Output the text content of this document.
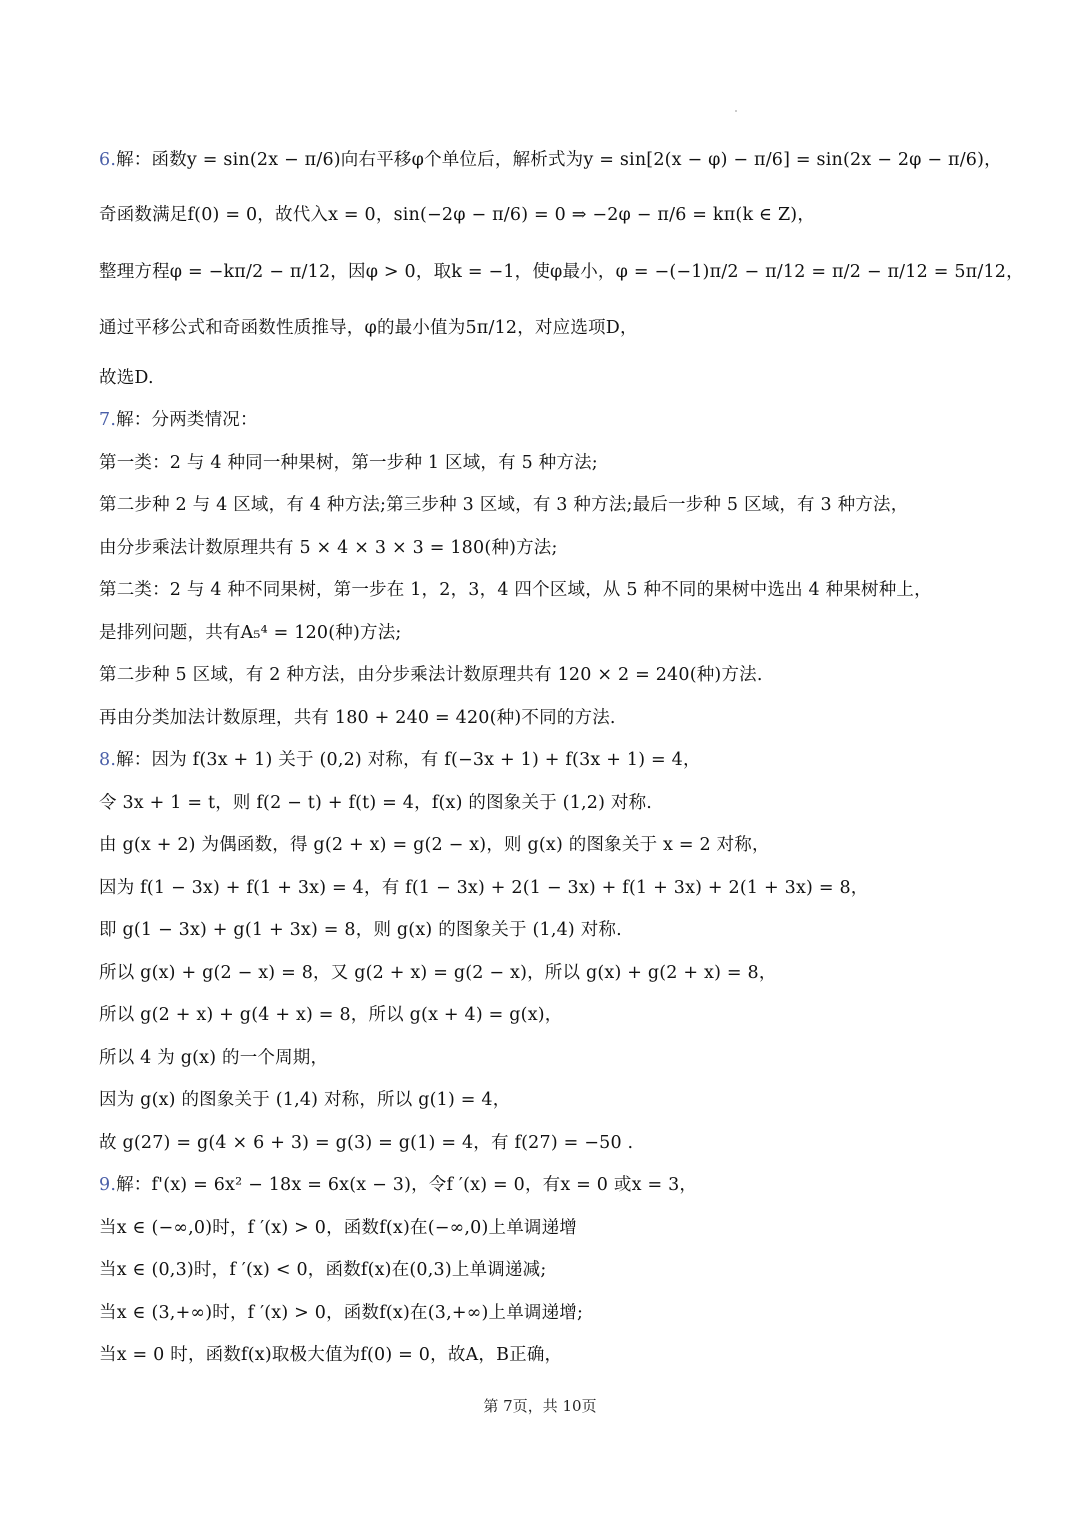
6.解：函数y = sin(2x − π/6)向右平移φ个单位后，解析式为y = sin[2(x − φ) − π/6] = sin(2x − 2φ − π/6)，
奇函数满足f(0) = 0，故代入x = 0，sin(−2φ − π/6) = 0 ⇒ −2φ − π/6 = kπ(k ∈ Z)，
整理方程φ = −kπ/2 − π/12，因φ > 0，取k = −1，使φ最小，φ = −(−1)π/2 − π/12 = π/2 − π/12 = 5π/12，
通过平移公式和奇函数性质推导，φ的最小值为5π/12，对应选项D，
故选D.
7.解：分两类情况：
第一类：2 与 4 种同一种果树，第一步种 1 区域，有 5 种方法;
第二步种 2 与 4 区域，有 4 种方法;第三步种 3 区域，有 3 种方法;最后一步种 5 区域，有 3 种方法，
由分步乘法计数原理共有 5 × 4 × 3 × 3 = 180(种)方法;
第二类：2 与 4 种不同果树，第一步在 1，2，3，4 四个区域，从 5 种不同的果树中选出 4 种果树种上，
是排列问题，共有A₅⁴ = 120(种)方法;
第二步种 5 区域，有 2 种方法，由分步乘法计数原理共有 120 × 2 = 240(种)方法.
再由分类加法计数原理，共有 180 + 240 = 420(种)不同的方法.
8.解：因为 f(3x + 1) 关于 (0,2) 对称，有 f(−3x + 1) + f(3x + 1) = 4，
令 3x + 1 = t，则 f(2 − t) + f(t) = 4，f(x) 的图象关于 (1,2) 对称.
由 g(x + 2) 为偶函数，得 g(2 + x) = g(2 − x)，则 g(x) 的图象关于 x = 2 对称，
因为 f(1 − 3x) + f(1 + 3x) = 4，有 f(1 − 3x) + 2(1 − 3x) + f(1 + 3x) + 2(1 + 3x) = 8，
即 g(1 − 3x) + g(1 + 3x) = 8，则 g(x) 的图象关于 (1,4) 对称.
所以 g(x) + g(2 − x) = 8，又 g(2 + x) = g(2 − x)，所以 g(x) + g(2 + x) = 8，
所以 g(2 + x) + g(4 + x) = 8，所以 g(x + 4) = g(x)，
所以 4 为 g(x) 的一个周期，
因为 g(x) 的图象关于 (1,4) 对称，所以 g(1) = 4，
故 g(27) = g(4 × 6 + 3) = g(3) = g(1) = 4，有 f(27) = −50 .
9.解：f'(x) = 6x² − 18x = 6x(x − 3)，令f ′(x) = 0，有x = 0 或x = 3，
当x ∈ (−∞,0)时，f ′(x) > 0，函数f(x)在(−∞,0)上单调递增
当x ∈ (0,3)时，f ′(x) < 0，函数f(x)在(0,3)上单调递减;
当x ∈ (3,+∞)时，f ′(x) > 0，函数f(x)在(3,+∞)上单调递增;
当x = 0 时，函数f(x)取极大值为f(0) = 0，故A，B正确，
第 7页，共 10页
